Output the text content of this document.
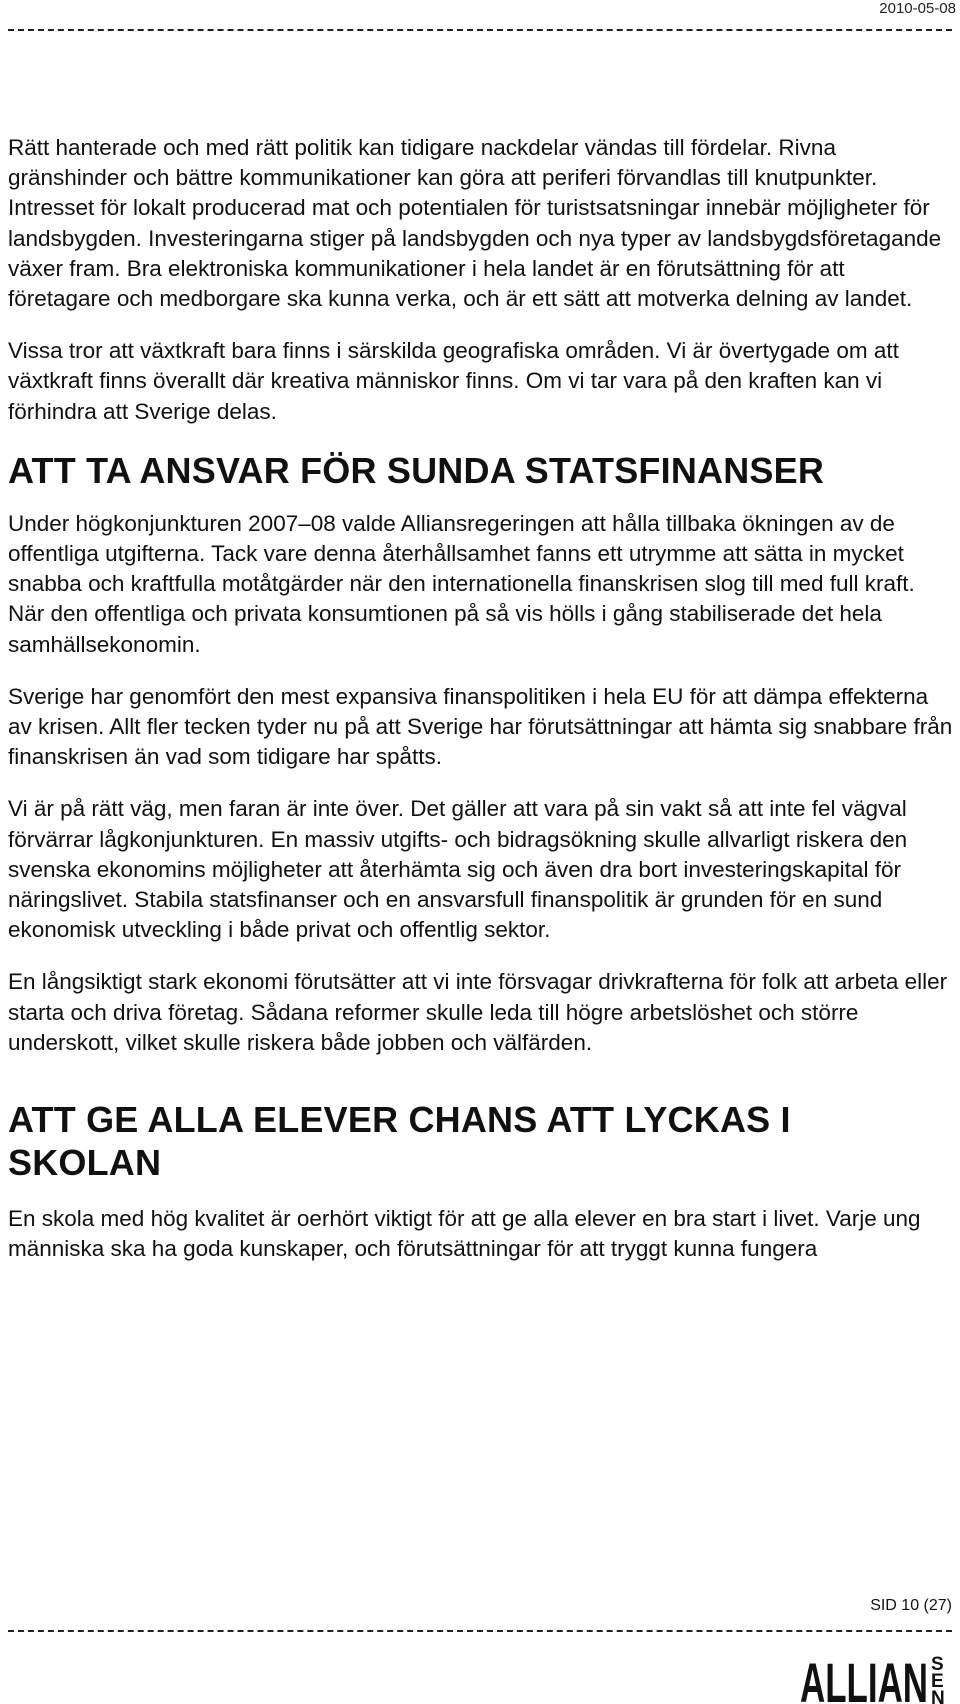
2010-05-08

Rätt hanterade och med rätt politik kan tidigare nackdelar vändas till fördelar. Rivna gränshinder och bättre kommunikationer kan göra att periferi förvandlas till knutpunkter. Intresset för lokalt producerad mat och potentialen för turistsatsningar innebär möjligheter för landsbygden. Investeringarna stiger på landsbygden och nya typer av landsbygdsföretagande växer fram. Bra elektroniska kommunikationer i hela landet är en förutsättning för att företagare och medborgare ska kunna verka, och är ett sätt att motverka delning av landet.

Vissa tror att växtkraft bara finns i särskilda geografiska områden. Vi är övertygade om att växtkraft finns överallt där kreativa människor finns. Om vi tar vara på den kraften kan vi förhindra att Sverige delas.

ATT TA ANSVAR FÖR SUNDA STATSFINANSER

Under högkonjunkturen 2007–08 valde Alliansregeringen att hålla tillbaka ökningen av de offentliga utgifterna. Tack vare denna återhållsamhet fanns ett utrymme att sätta in mycket snabba och kraftfulla motåtgärder när den internationella finanskrisen slog till med full kraft. När den offentliga och privata konsumtionen på så vis hölls i gång stabiliserade det hela samhällsekonomin.

Sverige har genomfört den mest expansiva finanspolitiken i hela EU för att dämpa effekterna av krisen. Allt fler tecken tyder nu på att Sverige har förutsättningar att hämta sig snabbare från finanskrisen än vad som tidigare har spåtts.

Vi är på rätt väg, men faran är inte över. Det gäller att vara på sin vakt så att inte fel vägval förvärrar lågkonjunkturen. En massiv utgifts- och bidragsökning skulle allvarligt riskera den svenska ekonomins möjligheter att återhämta sig och även dra bort investeringskapital för näringslivet. Stabila statsfinanser och en ansvarsfull finanspolitik är grunden för en sund ekonomisk utveckling i både privat och offentlig sektor.

En långsiktigt stark ekonomi förutsätter att vi inte försvagar drivkrafterna för folk att arbeta eller starta och driva företag. Sådana reformer skulle leda till högre arbetslöshet och större underskott, vilket skulle riskera både jobben och välfärden.

ATT GE ALLA ELEVER CHANS ATT LYCKAS I SKOLAN

En skola med hög kvalitet är oerhört viktigt för att ge alla elever en bra start i livet. Varje ung människa ska ha goda kunskaper, och förutsättningar för att tryggt kunna fungera

SID 10 (27)
ALLIAN S
E
N
